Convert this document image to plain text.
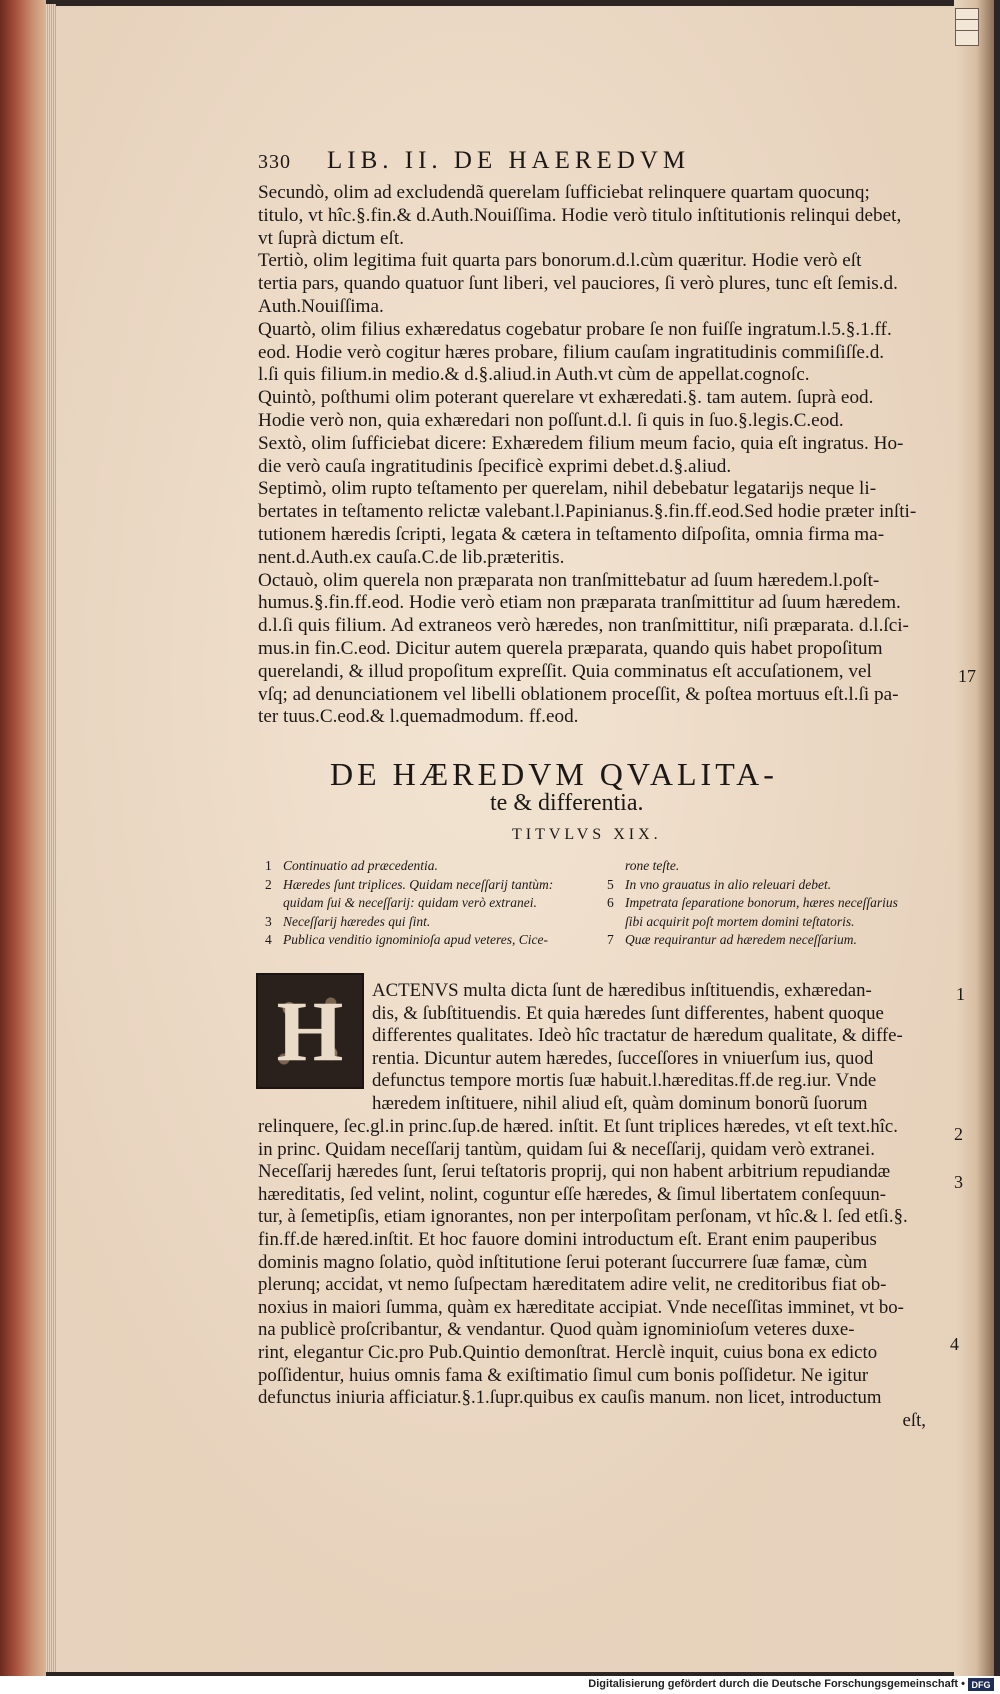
330 LIB. II. DE HAEREDVM
Secundò, olim ad excludendã querelam ſufficiebat relinquere quartam quocunq;
titulo, vt hîc.§.fin.& d.Auth.Nouiſſima. Hodie verò titulo inſtitutionis relinqui debet,
vt ſuprà dictum eſt.
Tertiò, olim legitima fuit quarta pars bonorum.d.l.cùm quæritur. Hodie verò eſt
tertia pars, quando quatuor ſunt liberi, vel pauciores, ſi verò plures, tunc eſt ſemis.d.
Auth.Nouiſſima.
Quartò, olim filius exhæredatus cogebatur probare ſe non fuiſſe ingratum.l.5.§.1.ff.
eod. Hodie verò cogitur hæres probare, filium cauſam ingratitudinis commiſiſſe.d.
l.ſi quis filium.in medio.& d.§.aliud.in Auth.vt cùm de appellat.cognoſc.
Quintò, poſthumi olim poterant querelare vt exhæredati.§. tam autem. ſuprà eod.
Hodie verò non, quia exhæredari non poſſunt.d.l. ſi quis in ſuo.§.legis.C.eod.
Sextò, olim ſufficiebat dicere: Exhæredem filium meum facio, quia eſt ingratus. Ho-
die verò cauſa ingratitudinis ſpecificè exprimi debet.d.§.aliud.
Septimò, olim rupto teſtamento per querelam, nihil debebatur legatarijs neque li-
bertates in teſtamento relictæ valebant.l.Papinianus.§.fin.ff.eod.Sed hodie præter inſti-
tutionem hæredis ſcripti, legata & cætera in teſtamento diſpoſita, omnia firma ma-
nent.d.Auth.ex cauſa.C.de lib.præteritis.
Octauò, olim querela non præparata non tranſmittebatur ad ſuum hæredem.l.poſt-
humus.§.fin.ff.eod. Hodie verò etiam non præparata tranſmittitur ad ſuum hæredem.
d.l.ſi quis filium. Ad extraneos verò hæredes, non tranſmittitur, niſi præparata. d.l.ſci-
mus.in fin.C.eod. Dicitur autem querela præparata, quando quis habet propoſitum
querelandi, & illud propoſitum expreſſit. Quia comminatus eſt accuſationem, vel
vſq; ad denunciationem vel libelli oblationem proceſſit, & poſtea mortuus eſt.l.ſi pa-
ter tuus.C.eod.& l.quemadmodum. ff.eod.
17
DE HÆREDVM QVALITA-
te & differentia.
TITVLVS XIX.
1 Continuatio ad præcedentia.
2 Hæredes ſunt triplices. Quidam neceſſarij tantùm:
quidam ſui & neceſſarij: quidam verò extranei.
3 Neceſſarij hæredes qui ſint.
4 Publica venditio ignominioſa apud veteres, Cice-
rone teſte.
5 In vno grauatus in alio releuari debet.
6 Impetrata ſeparatione bonorum, hæres neceſſarius
ſibi acquirit poſt mortem domini teſtatoris.
7 Quæ requirantur ad hæredem neceſſarium.
H	ACTENVS multa dicta ſunt de hæredibus inſtituendis, exhæredan-
dis, & ſubſtituendis. Et quia hæredes ſunt differentes, habent quoque
differentes qualitates. Ideò hîc tractatur de hæredum qualitate, & diffe-
rentia. Dicuntur autem hæredes, ſucceſſores in vniuerſum ius, quod
defunctus tempore mortis ſuæ habuit.l.hæreditas.ff.de reg.iur. Vnde
hæredem inſtituere, nihil aliud eſt, quàm dominum bonorũ ſuorum
relinquere, ſec.gl.in princ.ſup.de hæred. inſtit. Et ſunt triplices hæredes, vt eſt text.hîc.
in princ. Quidam neceſſarij tantùm, quidam ſui & neceſſarij, quidam verò extranei.
Neceſſarij hæredes ſunt, ſerui teſtatoris proprij, qui non habent arbitrium repudiandæ
hæreditatis, ſed velint, nolint, coguntur eſſe hæredes, & ſimul libertatem conſequun-
tur, à ſemetipſis, etiam ignorantes, non per interpoſitam perſonam, vt hîc.& l. ſed etſi.§.
fin.ff.de hæred.inſtit. Et hoc fauore domini introductum eſt. Erant enim pauperibus
dominis magno ſolatio, quòd inſtitutione ſerui poterant ſuccurrere ſuæ famæ, cùm
plerunq; accidat, vt nemo ſuſpectam hæreditatem adire velit, ne creditoribus fiat ob-
noxius in maiori ſumma, quàm ex hæreditate accipiat. Vnde neceſſitas imminet, vt bo-
na publicè proſcribantur, & vendantur. Quod quàm ignominioſum veteres duxe-
rint, elegantur Cic.pro Pub.Quintio demonſtrat. Herclè inquit, cuius bona ex edicto
poſſidentur, huius omnis fama & exiſtimatio ſimul cum bonis poſſidetur. Ne igitur
defunctus iniuria afficiatur.§.1.ſupr.quibus ex cauſis manum. non licet, introductum
eſt,
1
2
3
4
Digitalisierung gefördert durch die Deutsche Forschungsgemeinschaft • DFG
